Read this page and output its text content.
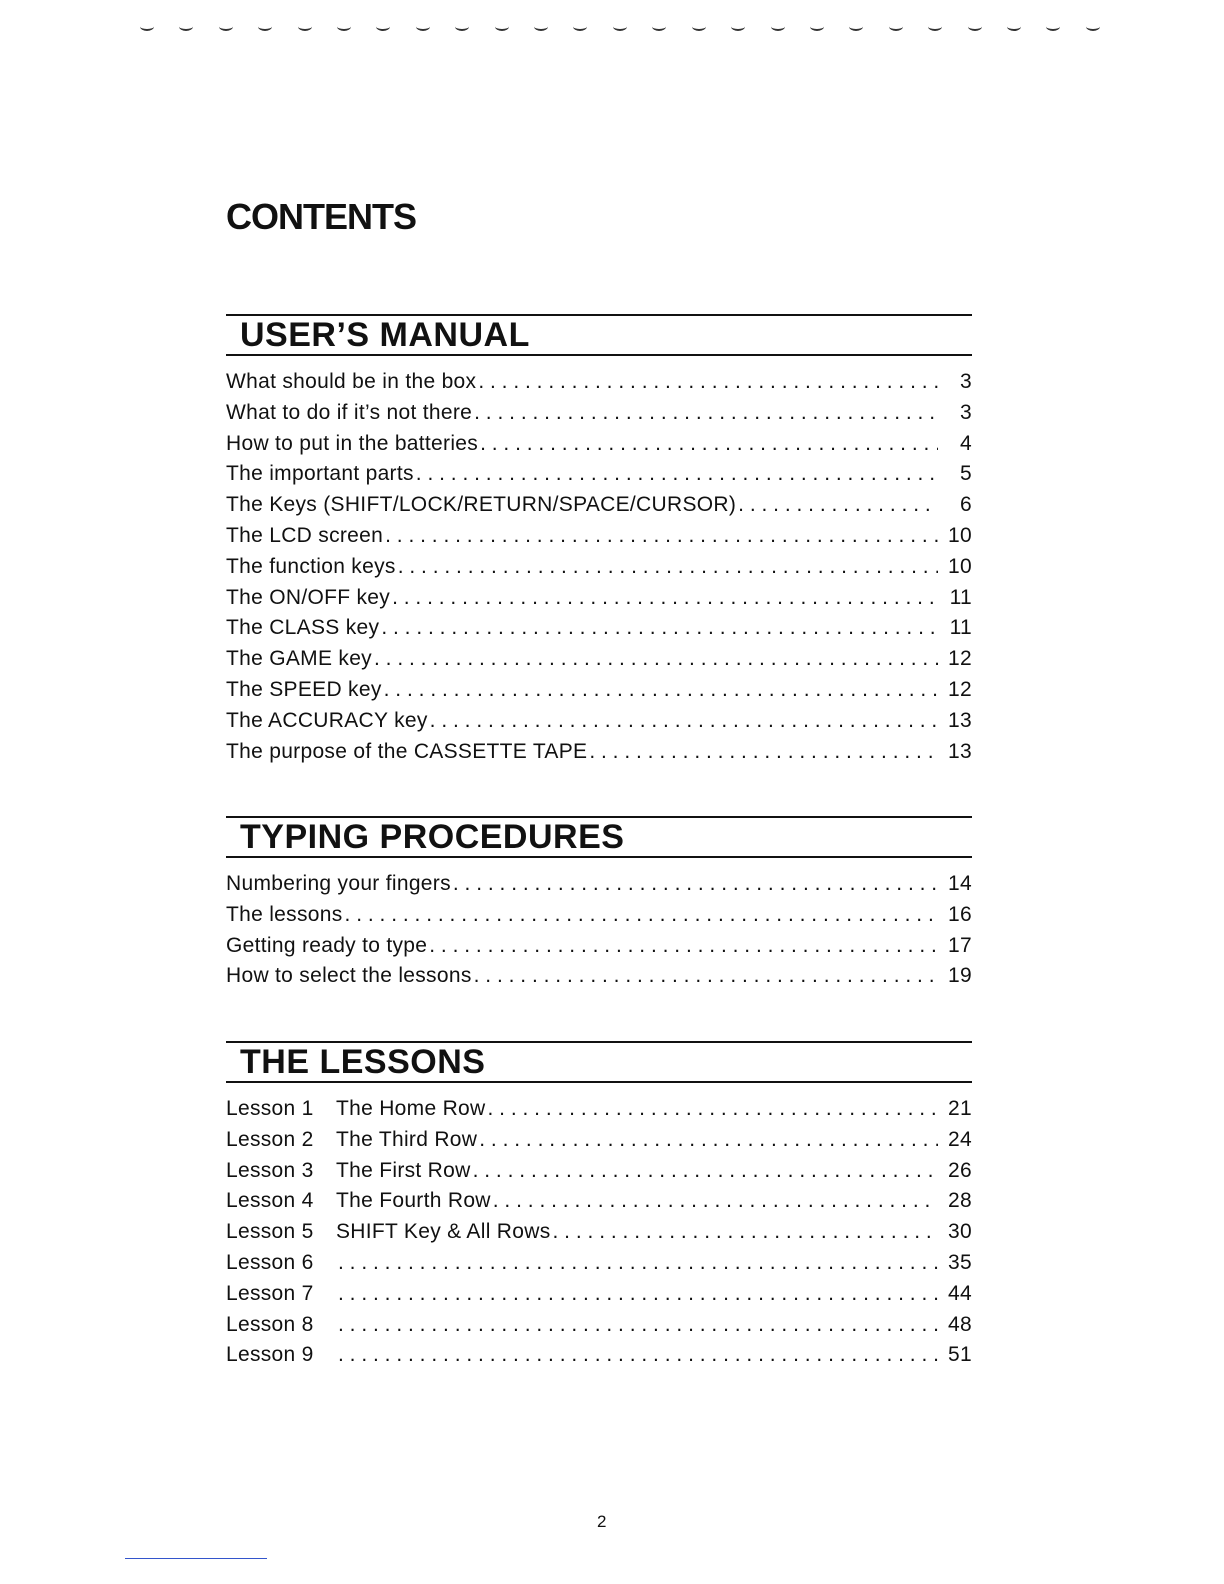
CONTENTS
USER’S MANUAL
What should be in the box . . .	3
What to do if it’s not there . . .	3
How to put in the batteries . . .	4
The important parts . . .	5
The Keys (SHIFT/LOCK/RETURN/SPACE/CURSOR) . . .	6
The LCD screen . . .	10
The function keys . . .	10
The ON/OFF key . . .	11
The CLASS key . . .	11
The GAME key . . .	12
The SPEED key . . .	12
The ACCURACY key . . .	13
The purpose of the CASSETTE TAPE . . .	13
TYPING PROCEDURES
Numbering your fingers . . .	14
The lessons . . .	16
Getting ready to type . . .	17
How to select the lessons . . .	19
THE LESSONS
Lesson 1	The Home Row . . .	21
Lesson 2	The Third Row . . .	24
Lesson 3	The First Row . . .	26
Lesson 4	The Fourth Row . . .	28
Lesson 5	SHIFT Key & All Rows . . .	30
Lesson 6 . . .	35
Lesson 7 . . .	44
Lesson 8 . . .	48
Lesson 9 . . .	51

2
